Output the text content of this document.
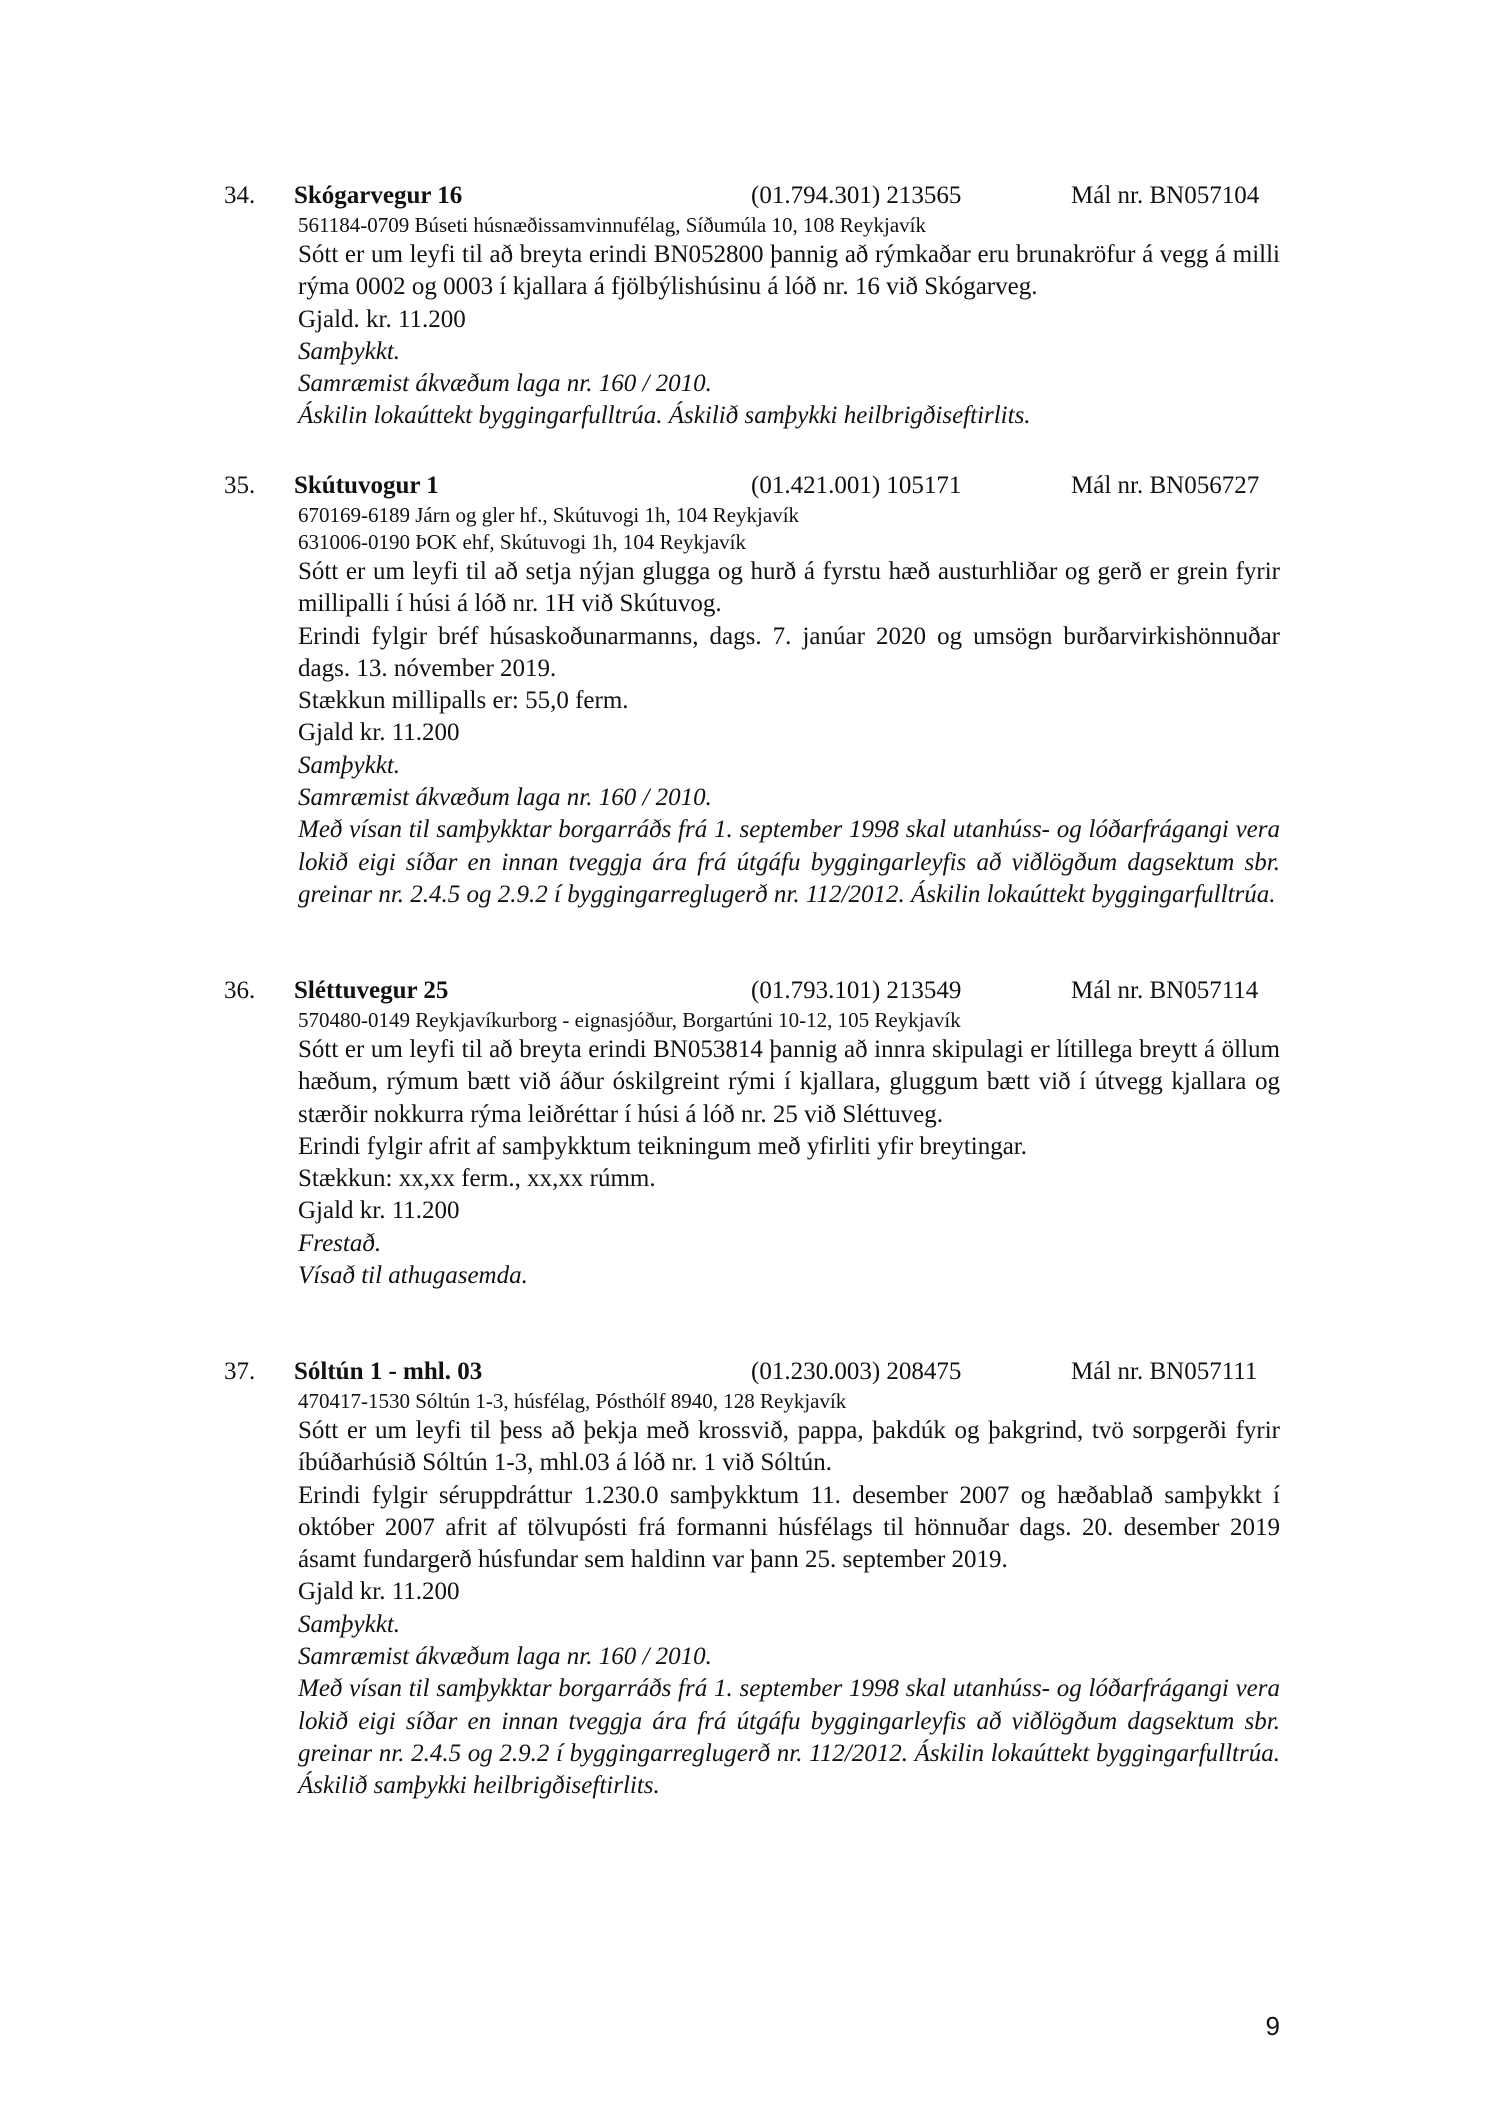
34. Skógarvegur 16	(01.794.301) 213565	Mál nr. BN057104
561184-0709 Búseti húsnæðissamvinnufélag, Síðumúla 10, 108 Reykjavík
Sótt er um leyfi til að breyta erindi BN052800 þannig að rýmkaðar eru brunakröfur á vegg á milli rýma 0002 og 0003 í kjallara á fjölbýlishúsinu á lóð nr. 16 við Skógarveg.
Gjald. kr. 11.200
Samþykkt.
Samræmist ákvæðum laga nr. 160 / 2010.
Áskilin lokaúttekt byggingarfulltrúa. Áskilið samþykki heilbrigðiseftirlits.
35. Skútuvogur 1	(01.421.001) 105171	Mál nr. BN056727
670169-6189 Járn og gler hf., Skútuvogi 1h, 104 Reykjavík
631006-0190 ÞOK ehf, Skútuvogi 1h, 104 Reykjavík
Sótt er um leyfi til að setja nýjan glugga og hurð á fyrstu hæð austurhliðar og gerð er grein fyrir millipalli í húsi á lóð nr. 1H við Skútuvog.
Erindi fylgir bréf húsaskoðunarmanns, dags. 7. janúar 2020 og umsögn burðarvirkishönnuðar dags. 13. nóvember 2019.
Stækkun millipalls er: 55,0 ferm.
Gjald kr. 11.200
Samþykkt.
Samræmist ákvæðum laga nr. 160 / 2010.
Með vísan til samþykktar borgarráðs frá 1. september 1998 skal utanhúss- og lóðarfrágangi vera lokið eigi síðar en innan tveggja ára frá útgáfu byggingarleyfis að viðlögðum dagsektum sbr. greinar nr. 2.4.5 og 2.9.2 í byggingarreglugerð nr. 112/2012. Áskilin lokaúttekt byggingarfulltrúa.
36. Sléttuvegur 25	(01.793.101) 213549	Mál nr. BN057114
570480-0149 Reykjavíkurborg - eignasjóður, Borgartúni 10-12, 105 Reykjavík
Sótt er um leyfi til að breyta erindi BN053814 þannig að innra skipulagi er lítillega breytt á öllum hæðum, rýmum bætt við áður óskilgreint rými í kjallara, gluggum bætt við í útvegg kjallara og stærðir nokkurra rýma leiðréttar í húsi á lóð nr. 25 við Sléttuveg.
Erindi fylgir afrit af samþykktum teikningum með yfirliti yfir breytingar.
Stækkun: xx,xx ferm., xx,xx rúmm.
Gjald kr. 11.200
Frestað.
Vísað til athugasemda.
37. Sóltún 1 - mhl. 03	(01.230.003) 208475	Mál nr. BN057111
470417-1530 Sóltún 1-3, húsfélag, Pósthólf 8940, 128 Reykjavík
Sótt er um leyfi til þess að þekja með krossvið, pappa, þakdúk og þakgrind, tvö sorpgerði fyrir íbúðarhúsið Sóltún 1-3, mhl.03 á lóð nr. 1 við Sóltún.
Erindi fylgir séruppdráttur 1.230.0 samþykktum 11. desember 2007 og hæðablað samþykkt í október 2007 afrit af tölvupósti frá formanni húsfélags til hönnuðar dags. 20. desember 2019 ásamt fundargerð húsfundar sem haldinn var þann 25. september 2019.
Gjald kr. 11.200
Samþykkt.
Samræmist ákvæðum laga nr. 160 / 2010.
Með vísan til samþykktar borgarráðs frá 1. september 1998 skal utanhúss- og lóðarfrágangi vera lokið eigi síðar en innan tveggja ára frá útgáfu byggingarleyfis að viðlögðum dagsektum sbr. greinar nr. 2.4.5 og 2.9.2 í byggingarreglugerð nr. 112/2012. Áskilin lokaúttekt byggingarfulltrúa. Áskilið samþykki heilbrigðiseftirlits.
9
